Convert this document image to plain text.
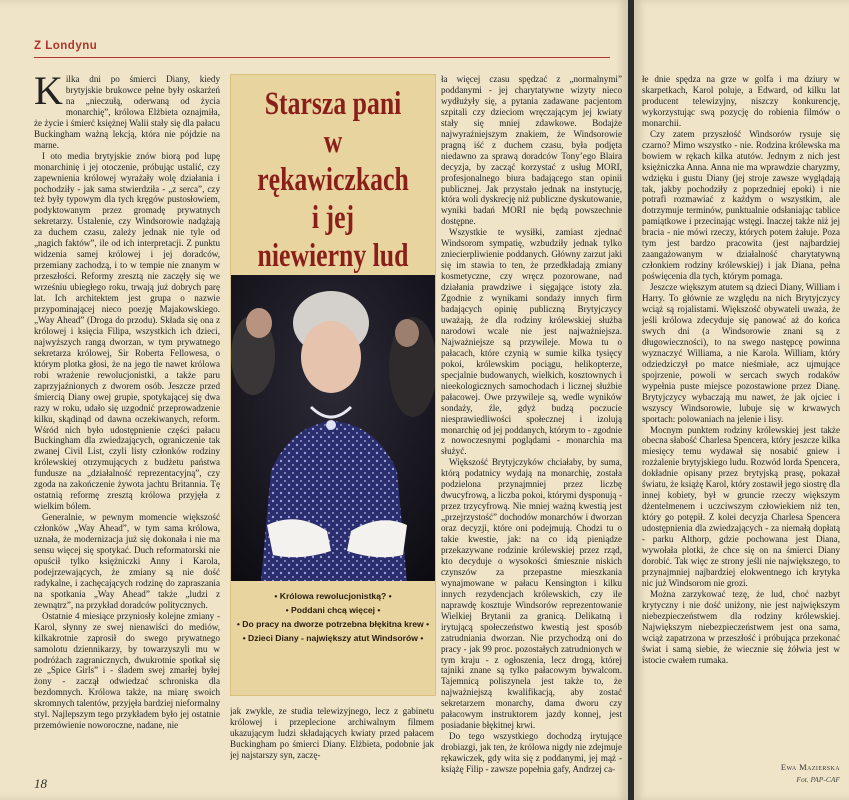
Z Londynu

Kilka dni po śmierci Diany, kiedy brytyjskie brukowce pełne były oskarżeń na „nieczułą, oderwaną od życia monarchię”, królowa Elżbieta oznajmiła, że życie i śmierć księżnej Walii stały się dla pałacu Buckingham ważną lekcją, która nie pójdzie na marne.

I oto media brytyjskie znów biorą pod lupę monarchinię i jej otoczenie, próbując ustalić, czy zapewnienia królowej wyrażały wolę działania i pochodziły - jak sama stwierdziła - „z serca”, czy też były typowym dla tych kręgów pustosłowiem, podyktowanym przez gromadę prywatnych sekretarzy. Ustalenie, czy Windsorowie nadążają za duchem czasu, zależy jednak nie tyle od „nagich faktów”, ile od ich interpretacji. Z punktu widzenia samej królowej i jej doradców, przemiany zachodzą, i to w tempie nie znanym w przeszłości. Reformy zresztą nie zaczęły się we wrześniu ubiegłego roku, trwają już dobrych parę lat. Ich architektem jest grupa o nazwie przypominającej nieco poezję Majakowskiego. „Way Ahead” (Droga do przodu). Składa się ona z królowej i księcia Filipa, wszystkich ich dzieci, najwyższych rangą dworzan, w tym prywatnego sekretarza królowej, Sir Roberta Fellowesa, o którym plotka głosi, że na jego tle nawet królowa robi wrażenie rewolucjonistki, a także paru zaprzyjaźnionych z dworem osób. Jeszcze przed śmiercią Diany owej grupie, spotykającej się dwa razy w roku, udało się uzgodnić przeprowadzenie kilku, skądinąd od dawna oczekiwanych, reform. Wśród nich było udostępnienie części pałacu Buckingham dla zwiedzających, ograniczenie tak zwanej Civil List, czyli listy członków rodziny królewskiej otrzymujących z budżetu państwa fundusze na „działalność reprezentacyjną”, czy zgoda na zakończenie żywota jachtu Britannia. Tę ostatnią reformę zresztą królowa przyjęła z wielkim bólem.

Generalnie, w pewnym momencie większość członków „Way Ahead”, w tym sama królowa, uznała, że modernizacja już się dokonała i nie ma sensu więcej się spotykać. Duch reformatorski nie opuścił tylko księżniczki Anny i Karola, podejrzewających, że zmiany są nie dość radykalne, i zachęcających rodzinę do zapraszania na spotkania „Way Ahead” także „ludzi z zewnątrz”, na przykład doradców politycznych.

Ostatnie 4 miesiące przyniosły kolejne zmiany - Karol, słynny ze swej nienawiści do mediów, kilkakrotnie zaprosił do swego prywatnego samolotu dziennikarzy, by towarzyszyli mu w podróżach zagranicznych, dwukrotnie spotkał się ze „Spice Girls” i - śladem swej zmarłej byłej żony - zaczął odwiedzać schroniska dla bezdomnych. Królowa także, na miarę swoich skromnych talentów, przyjęła bardziej nieformalny styl. Najlepszym tego przykładem było jej ostatnie przemówienie noworoczne, nadane, nie

Starsza pani
w rękawiczkach
i jej
niewierny lud
• Królowa rewolucjonistką? •
• Poddani chcą więcej •
• Do pracy na dworze potrzebna błękitna krew •
• Dzieci Diany - największy atut Windsorów •

jak zwykle, ze studia telewizyjnego, lecz z gabinetu królowej i przeplecione archiwalnym filmem ukazującym ludzi składających kwiaty przed pałacem Buckingham po śmierci Diany. Elżbieta, podobnie jak jej najstarszy syn, zaczę-

ła więcej czasu spędzać z „normalnymi” poddanymi - jej charytatywne wizyty nieco wydłużyły się, a pytania zadawane pacjentom szpitali czy dzieciom wręczającym jej kwiaty stały się mniej zdawkowe. Bodajże najwyraźniejszym znakiem, że Windsorowie pragną iść z duchem czasu, była podjęta niedawno za sprawą doradców Tony’ego Blaira decyzja, by zacząć korzystać z usług MORI, profesjonalnego biura badającego stan opinii publicznej. Jak przystało jednak na instytucję, która woli dyskrecję niż publiczne dyskutowanie, wyniki badań MORI nie będą powszechnie dostępne.

Wszystkie te wysiłki, zamiast zjednać Windsorom sympatię, wzbudziły jednak tylko zniecierpliwienie poddanych. Główny zarzut jaki się im stawia to ten, że przedkładają zmiany kosmetyczne, czy wręcz pozorowane, nad działania prawdziwe i sięgające istoty zła. Zgodnie z wynikami sondaży innych firm badających opinię publiczną Brytyjczycy uważają, że dla rodziny królewskiej służba narodowi wcale nie jest najważniejsza. Najważniejsze są przywileje. Mowa tu o pałacach, które czynią w sumie kilka tysięcy pokoi, królewskim pociągu, helikopterze, specjalnie budowanych, wielkich, kosztownych i nieekologicznych samochodach i licznej służbie pałacowej. Owe przywileje są, wedle wyników sondaży, źle, gdyż budzą poczucie niesprawiedliwości społecznej i izolują monarchię od jej poddanych, którym to - zgodnie z nowoczesnymi poglądami - monarchia ma służyć.

Większość Brytyjczyków chciałaby, by suma, którą podatnicy wydają na monarchię, została podzielona przynajmniej przez liczbę dwucyfrową, a liczba pokoi, którymi dysponują - przez trzycyfrową. Nie mniej ważną kwestią jest „przejrzystość” dochodów monarchów i dworzan oraz decyzji, które oni podejmują. Chodzi tu o takie kwestie, jak: na co idą pieniądze przekazywane rodzinie królewskiej przez rząd, kto decyduje o wysokości śmiesznie niskich czynszów za przepastne mieszkania wynajmowane w pałacu Kensington i kilku innych rezydencjach królewskich, czy ile naprawdę kosztuje Windsorów reprezentowanie Wielkiej Brytanii za granicą. Delikatną i irytującą społeczeństwo kwestią jest sposób zatrudniania dworzan. Nie przychodzą oni do pracy - jak 99 proc. pozostałych zatrudnionych w tym kraju - z ogłoszenia, lecz drogą, której tajniki znane są tylko pałacowym bywalcom. Tajemnicą poliszynela jest także to, że najważniejszą kwalifikacją, aby zostać sekretarzem monarchy, dama dworu czy pałacowym instruktorem jazdy konnej, jest posiadanie błękitnej krwi.

Do tego wszystkiego dochodzą irytujące drobiazgi, jak ten, że królowa nigdy nie zdejmuje rękawiczek, gdy wita się z poddanymi, jej mąż - książę Filip - zawsze popełnia gafy, Andrzej ca-

18

łe dnie spędza na grze w golfa i ma dziury w skarpetkach, Karol poluje, a Edward, od kilku lat producent telewizyjny, niszczy konkurencję, wykorzystując swą pozycję do robienia filmów o monarchii.

Czy zatem przyszłość Windsorów rysuje się czarno? Mimo wszystko - nie. Rodzina królewska ma bowiem w rękach kilka atutów. Jednym z nich jest księżniczka Anna. Anna nie ma wprawdzie charyzmy, wdzięku i gustu Diany (jej stroje zawsze wyglądają tak, jakby pochodziły z poprzedniej epoki) i nie potrafi rozmawiać z każdym o wszystkim, ale dotrzymuje terminów, punktualnie odsłaniając tablice pamiątkowe i przecinając wstęgi. Inaczej także niż jej bracia - nie mówi rzeczy, których potem żałuje. Poza tym jest bardzo pracowita (jest najbardziej zaangażowanym w działalność charytatywną członkiem rodziny królewskiej) i jak Diana, pełna poświęcenia dla tych, którym pomaga.

Jeszcze większym atutem są dzieci Diany, William i Harry. To głównie ze względu na nich Brytyjczycy wciąż są rojalistami. Większość obywateli uważa, że jeśli królowa zdecyduje się panować aż do końca swych dni (a Windsorowie znani są z długowieczności), to na swego następcę powinna wyznaczyć Williama, a nie Karola. William, który odziedziczył po matce nieśmiałe, acz ujmujące spojrzenie, powoli w sercach swych rodaków wypełnia puste miejsce pozostawione przez Dianę. Brytyjczycy wybaczają mu nawet, że jak ojciec i wszyscy Windsorowie, lubuje się w krwawych sportach: polowaniach na jelenie i lisy.

Mocnym punktem rodziny królewskiej jest także obecna słabość Charlesa Spencera, który jeszcze kilka miesięcy temu wydawał się nosabić gniew i rozżalenie brytyjskiego ludu. Rozwód lorda Spencera, dokładnie opisany przez brytyjską prasę, pokazał światu, że książę Karol, który zostawił jego siostrę dla innej kobiety, był w gruncie rzeczy większym dżentelmenem i uczciwszym człowiekiem niż ten, który go potępił. Z kolei decyzja Charlesa Spencera udostępnienia dla zwiedzających - za niemałą dopłatą - parku Althorp, gdzie pochowana jest Diana, wywołała plotki, że chce się on na śmierci Diany dorobić. Tak więc ze strony jeśli nie największego, to przynajmniej najbardziej elokwentnego ich krytyka nic już Windsorom nie grozi.

Można zarzykować tezę, że lud, choć nazbyt krytyczny i nie dość uniżony, nie jest największym niebezpieczeństwem dla rodziny królewskiej. Największym niebezpieczeństwem jest ona sama, wciąż zapatrzona w przeszłość i próbująca przekonać świat i samą siebie, że wiecznie się żółwia jest w istocie cwałem rumaka.

Ewa Mazierska
Fot. PAP-CAF
